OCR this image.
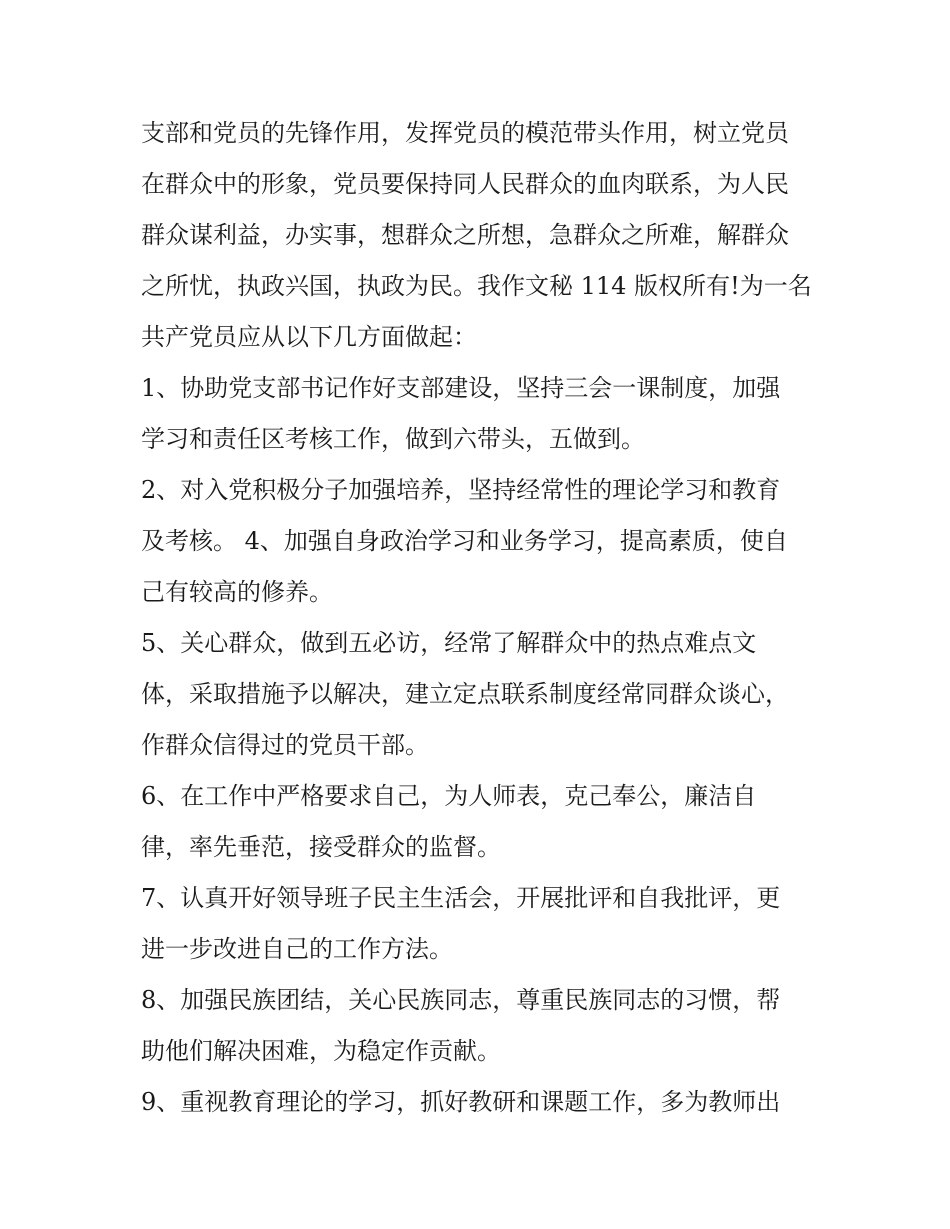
支部和党员的先锋作用，发挥党员的模范带头作用，树立党员
在群众中的形象，党员要保持同人民群众的血肉联系，为人民
群众谋利益，办实事，想群众之所想，急群众之所难，解群众
之所忧，执政兴国，执政为民。我作文秘 114 版权所有!为一名
共产党员应从以下几方面做起：
1、协助党支部书记作好支部建设，坚持三会一课制度，加强
学习和责任区考核工作，做到六带头，五做到。
2、对入党积极分子加强培养，坚持经常性的理论学习和教育
及考核。 4、加强自身政治学习和业务学习，提高素质，使自
己有较高的修养。
5、关心群众，做到五必访，经常了解群众中的热点难点文
体，采取措施予以解决，建立定点联系制度经常同群众谈心，
作群众信得过的党员干部。
6、在工作中严格要求自己，为人师表，克己奉公，廉洁自
律，率先垂范，接受群众的监督。
7、认真开好领导班子民主生活会，开展批评和自我批评，更
进一步改进自己的工作方法。
8、加强民族团结，关心民族同志，尊重民族同志的习惯，帮
助他们解决困难，为稳定作贡献。
9、重视教育理论的学习，抓好教研和课题工作，多为教师出
